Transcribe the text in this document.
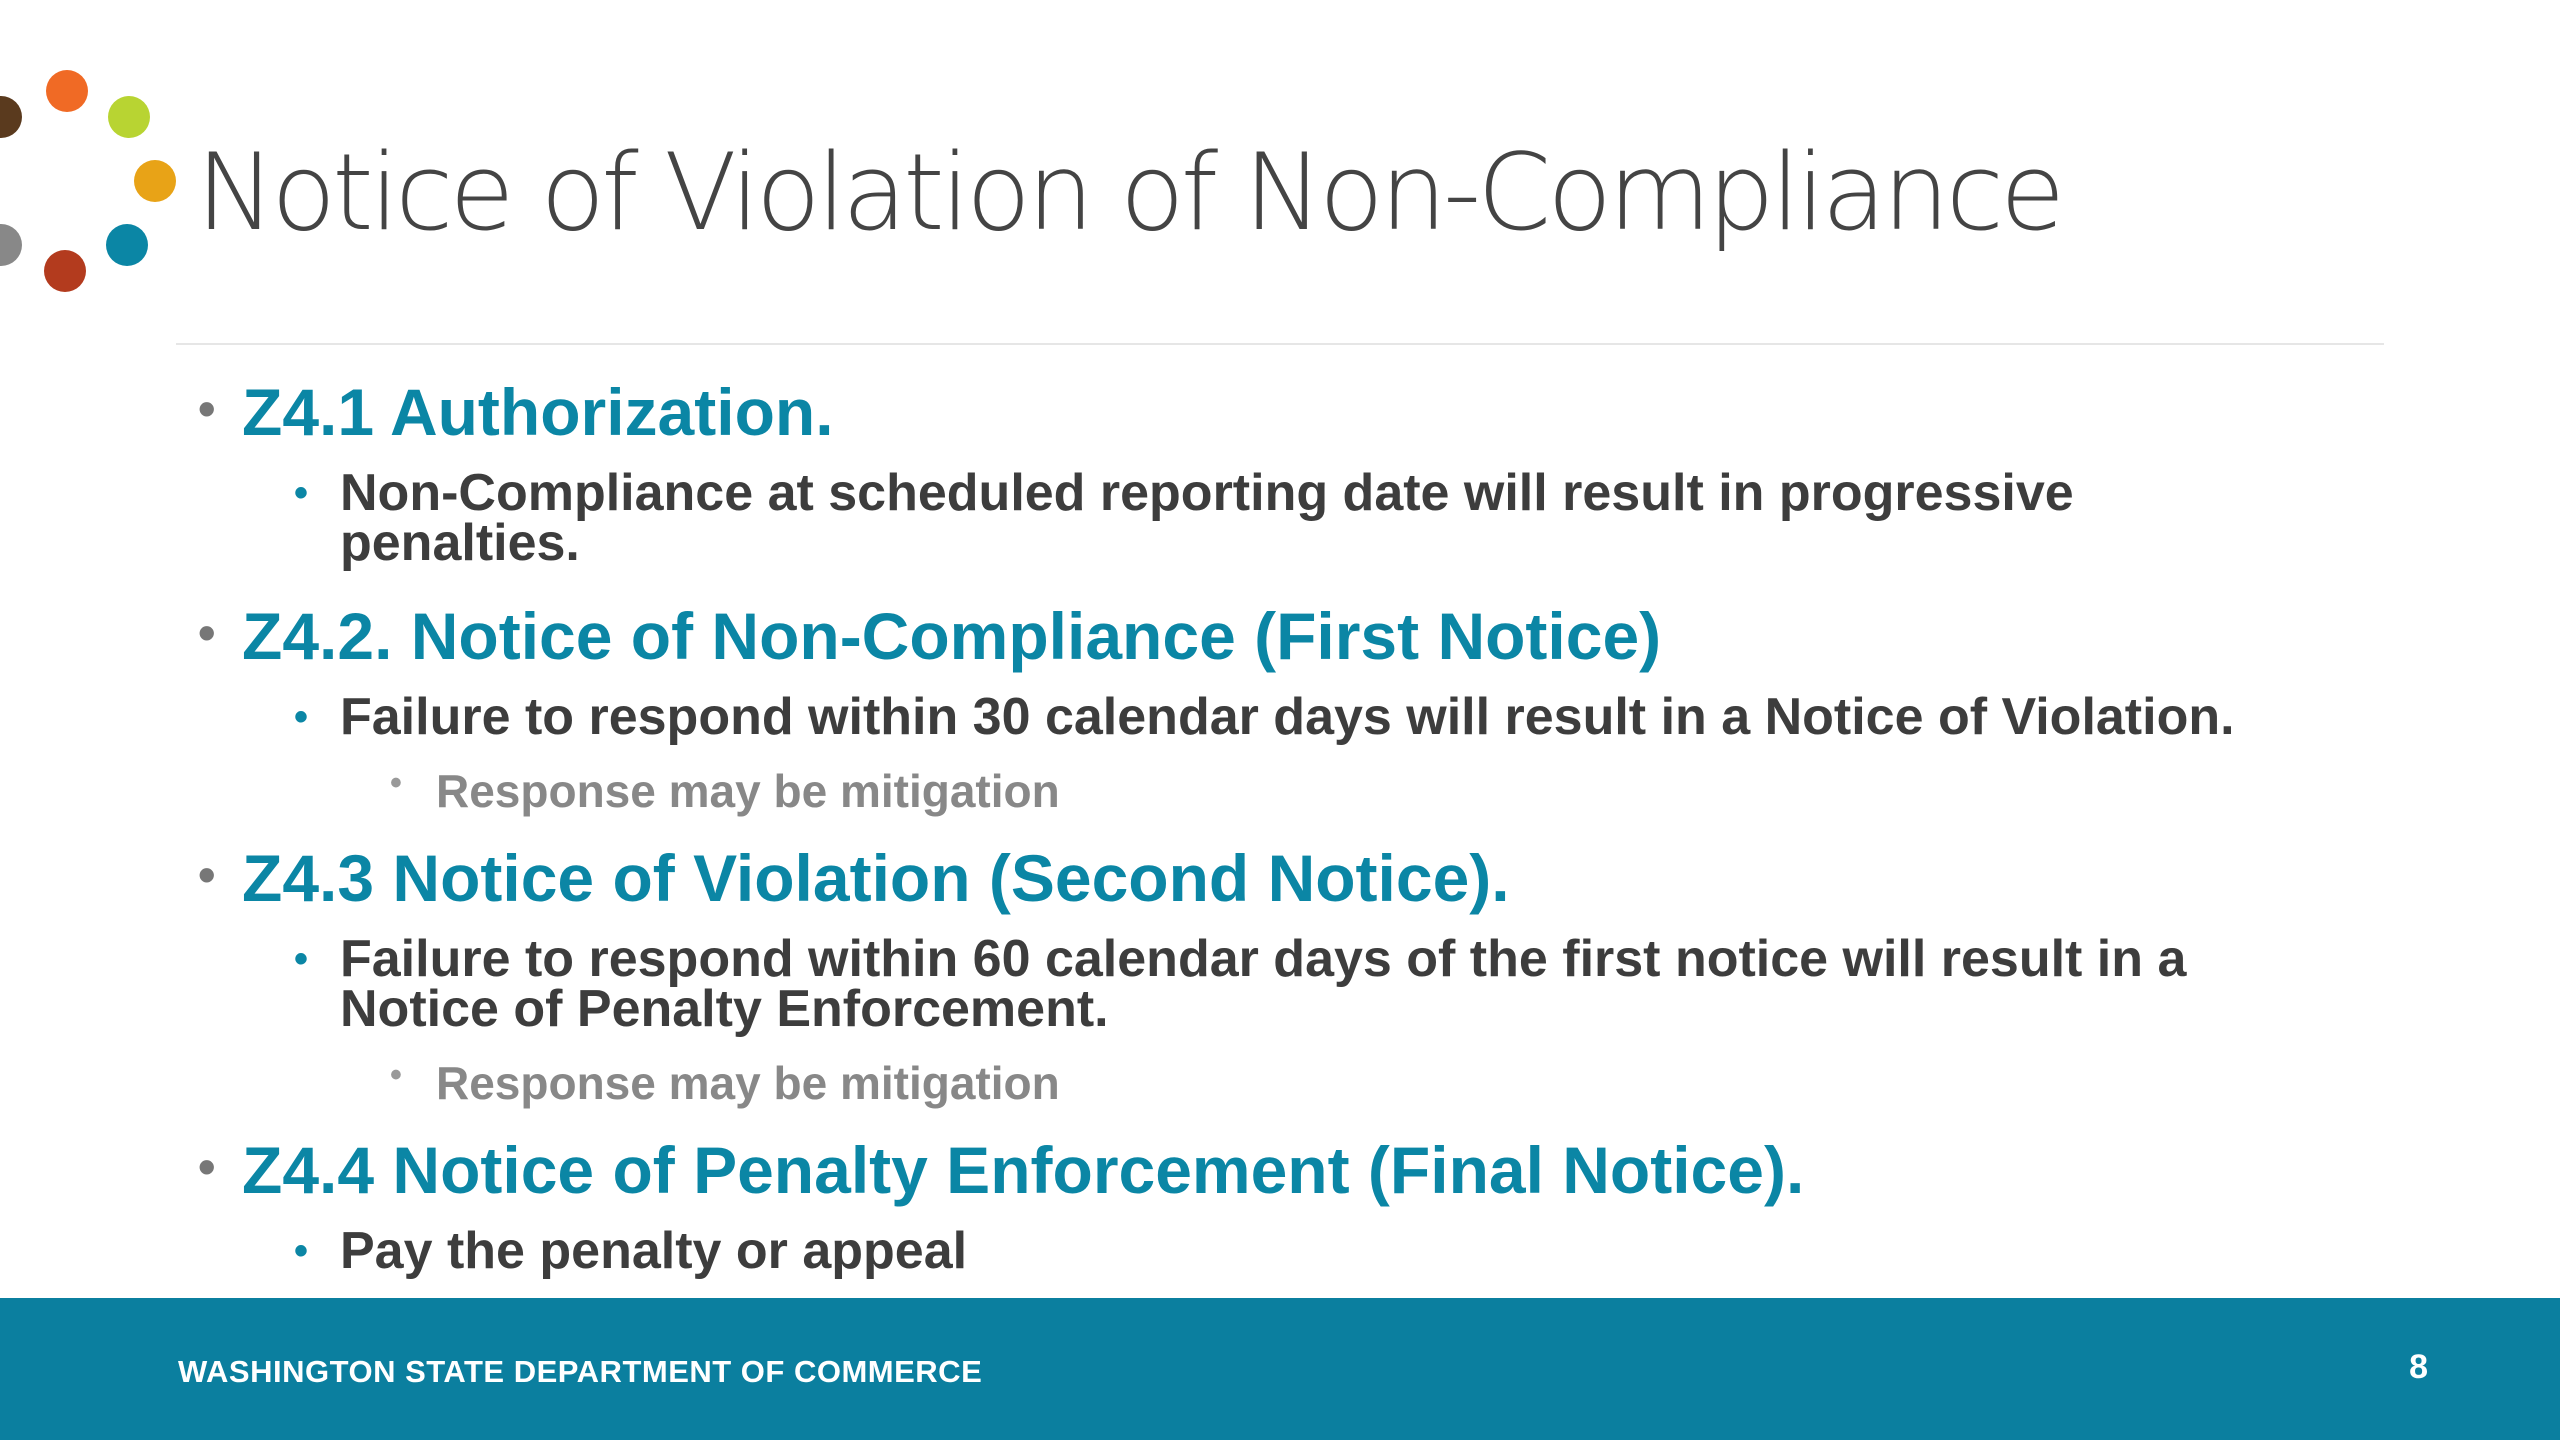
Notice of Violation of Non-Compliance
• Z4.1 Authorization.
• Non-Compliance at scheduled reporting date will result in progressive
penalties.
• Z4.2. Notice of Non-Compliance (First Notice)
• Failure to respond within 30 calendar days will result in a Notice of Violation.
• Response may be mitigation
• Z4.3 Notice of Violation (Second Notice).
• Failure to respond within 60 calendar days of the first notice will result in a
Notice of Penalty Enforcement.
• Response may be mitigation
• Z4.4 Notice of Penalty Enforcement (Final Notice).
• Pay the penalty or appeal
WASHINGTON STATE DEPARTMENT OF COMMERCE	8
